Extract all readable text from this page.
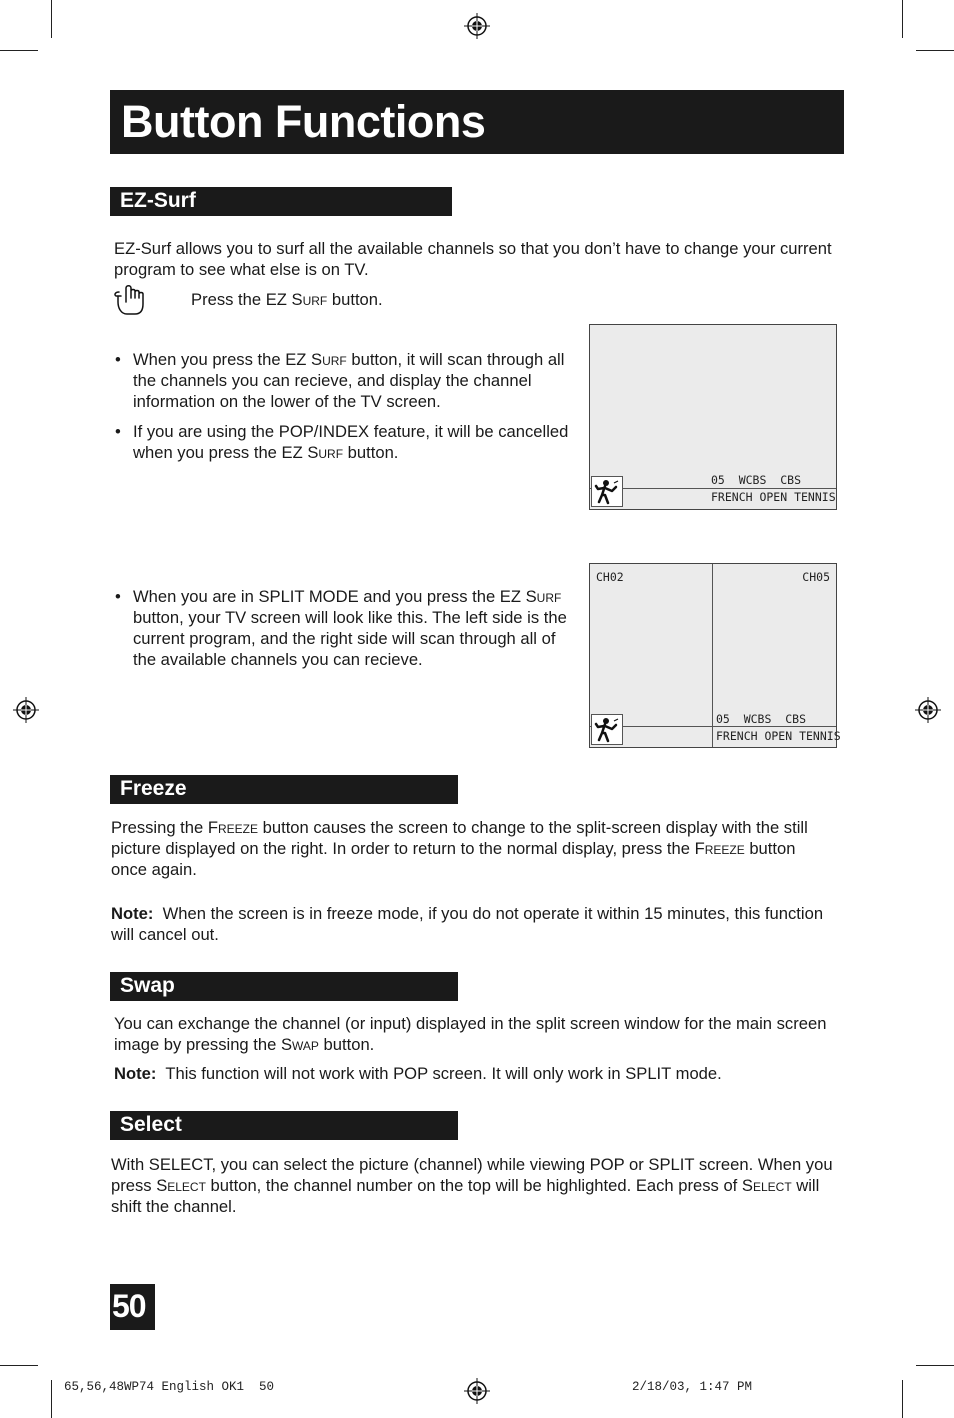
Button Functions
EZ-Surf
EZ-Surf allows you to surf all the available channels so that you don’t have to change your current program to see what else is on TV.
Press the EZ Surf button.
• When you press the EZ Surf button, it will scan through all the channels you can recieve, and display the channel information on the lower of the TV screen.
• If you are using the POP/INDEX feature, it will be cancelled when you press the EZ Surf button.
05  WCBS  CBS
FRENCH OPEN TENNIS
• When you are in SPLIT MODE and you press the EZ Surf button, your TV screen will look like this. The left side is the current program, and the right side will scan through all of the available channels you can recieve.
CH02	CH05
05  WCBS  CBS
FRENCH OPEN TENNIS
Freeze
Pressing the Freeze button causes the screen to change to the split-screen display with the still picture displayed on the right. In order to return to the normal display, press the Freeze button once again.
Note:  When the screen is in freeze mode, if you do not operate it within 15 minutes, this function will cancel out.
Swap
You can exchange the channel (or input) displayed in the split screen window for the main screen image by pressing the Swap button.
Note:  This function will not work with POP screen. It will only work in SPLIT mode.
Select
With SELECT, you can select the picture (channel) while viewing POP or SPLIT screen. When you press Select button, the channel number on the top will be highlighted. Each press of Select will shift the channel.
50
65,56,48WP74 English OK1  50	2/18/03, 1:47 PM
